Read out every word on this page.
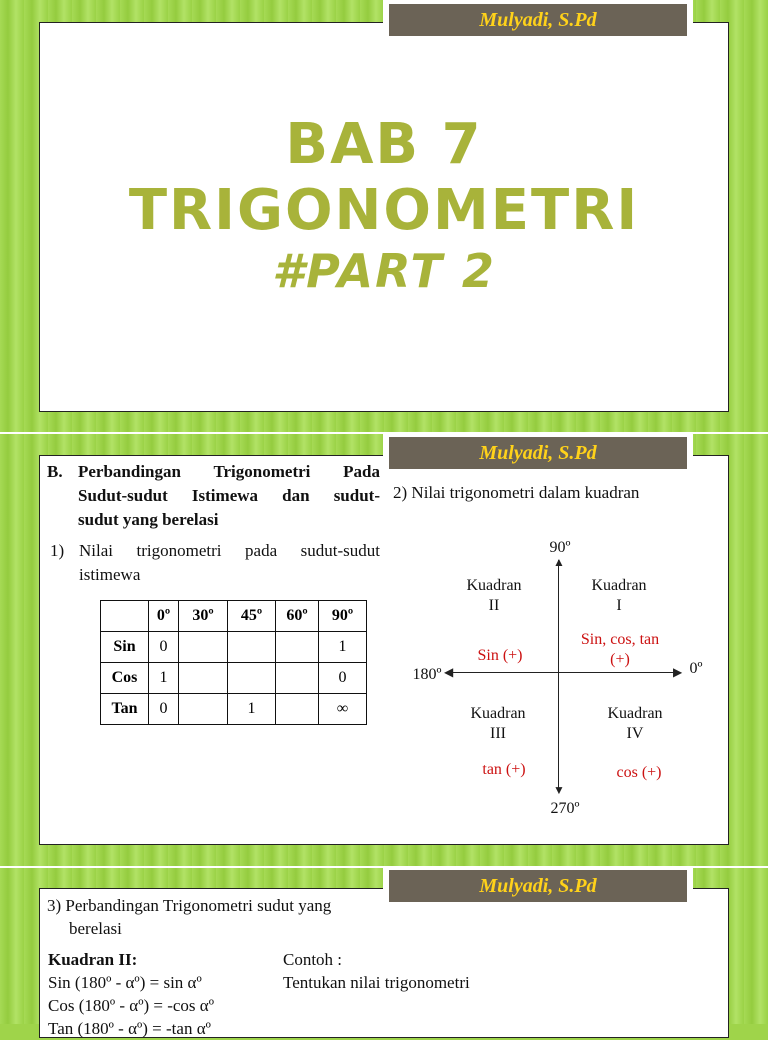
Mulyadi, S.Pd
BAB 7
TRIGONOMETRI
#PART 2
Mulyadi, S.Pd
B. Perbandingan Trigonometri Pada
Sudut-sudut Istimewa dan sudut-
sudut yang berelasi
1) Nilai trigonometri pada sudut-sudut
istimewa
2) Nilai trigonometri dalam kuadran
	0º	30º	45º	60º	90º
Sin	0				1
Cos	1				0
Tan	0		1		∞
◀	▶
▲
▼
90º
180º	0º
270º
Kuadran
II
Kuadran
I
Sin (+)
Sin, cos, tan
(+)
Kuadran
III
Kuadran
IV
tan (+)	cos (+)
Mulyadi, S.Pd
3) Perbandingan Trigonometri sudut yang
berelasi
Kuadran II:
Sin (180º - αº) = sin αº
Cos (180º - αº) = -cos αº
Tan (180º - αº) = -tan αº
Contoh :
Tentukan nilai trigonometri
